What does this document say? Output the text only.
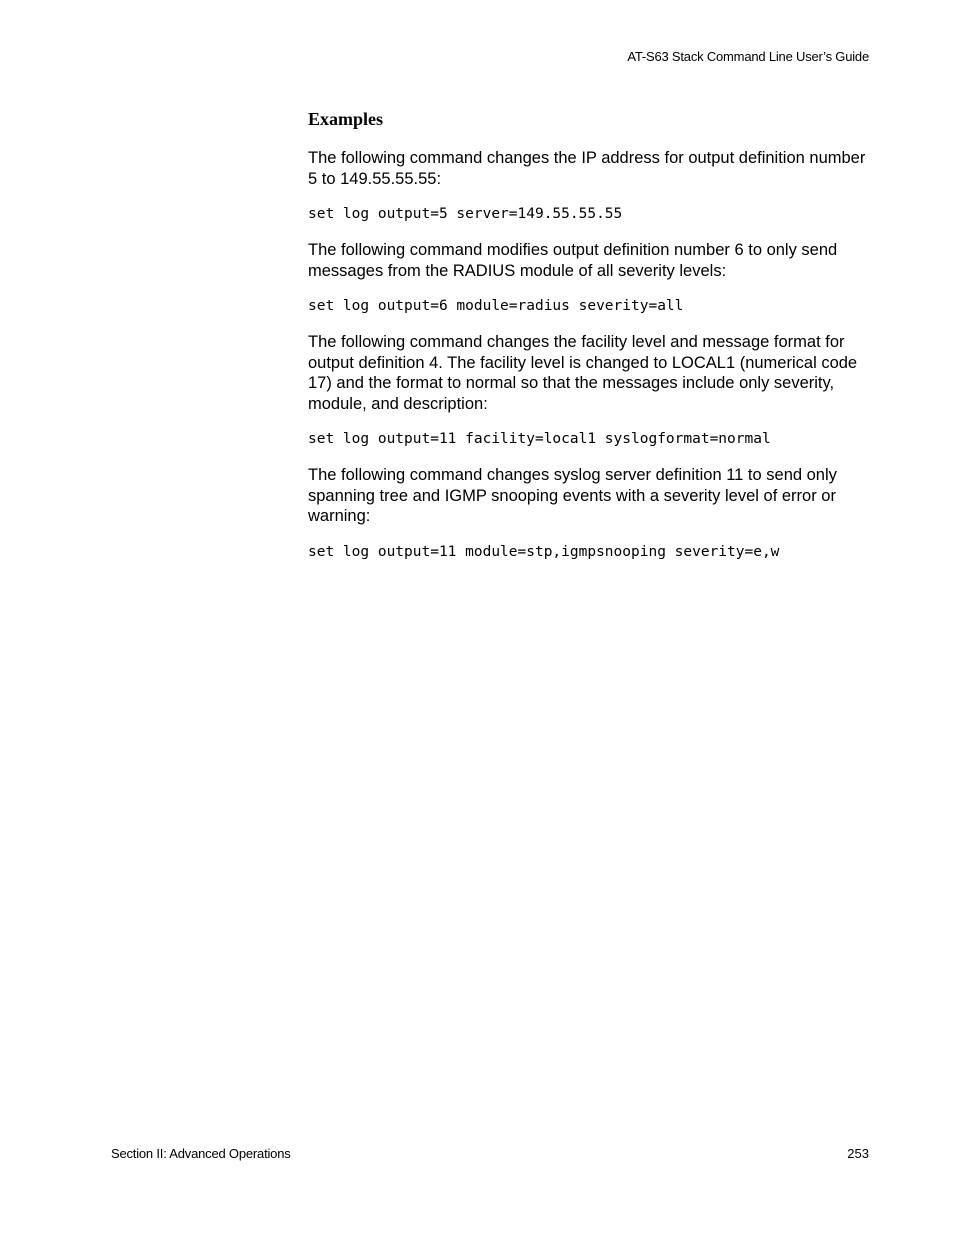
AT-S63 Stack Command Line User’s Guide
Examples

The following command changes the IP address for output definition number 5 to 149.55.55.55:

set log output=5 server=149.55.55.55

The following command modifies output definition number 6 to only send messages from the RADIUS module of all severity levels:

set log output=6 module=radius severity=all

The following command changes the facility level and message format for output definition 4. The facility level is changed to LOCAL1 (numerical code 17) and the format to normal so that the messages include only severity, module, and description:

set log output=11 facility=local1 syslogformat=normal

The following command changes syslog server definition 11 to send only spanning tree and IGMP snooping events with a severity level of error or warning:

set log output=11 module=stp,igmpsnooping severity=e,w
Section II: Advanced Operations	253
